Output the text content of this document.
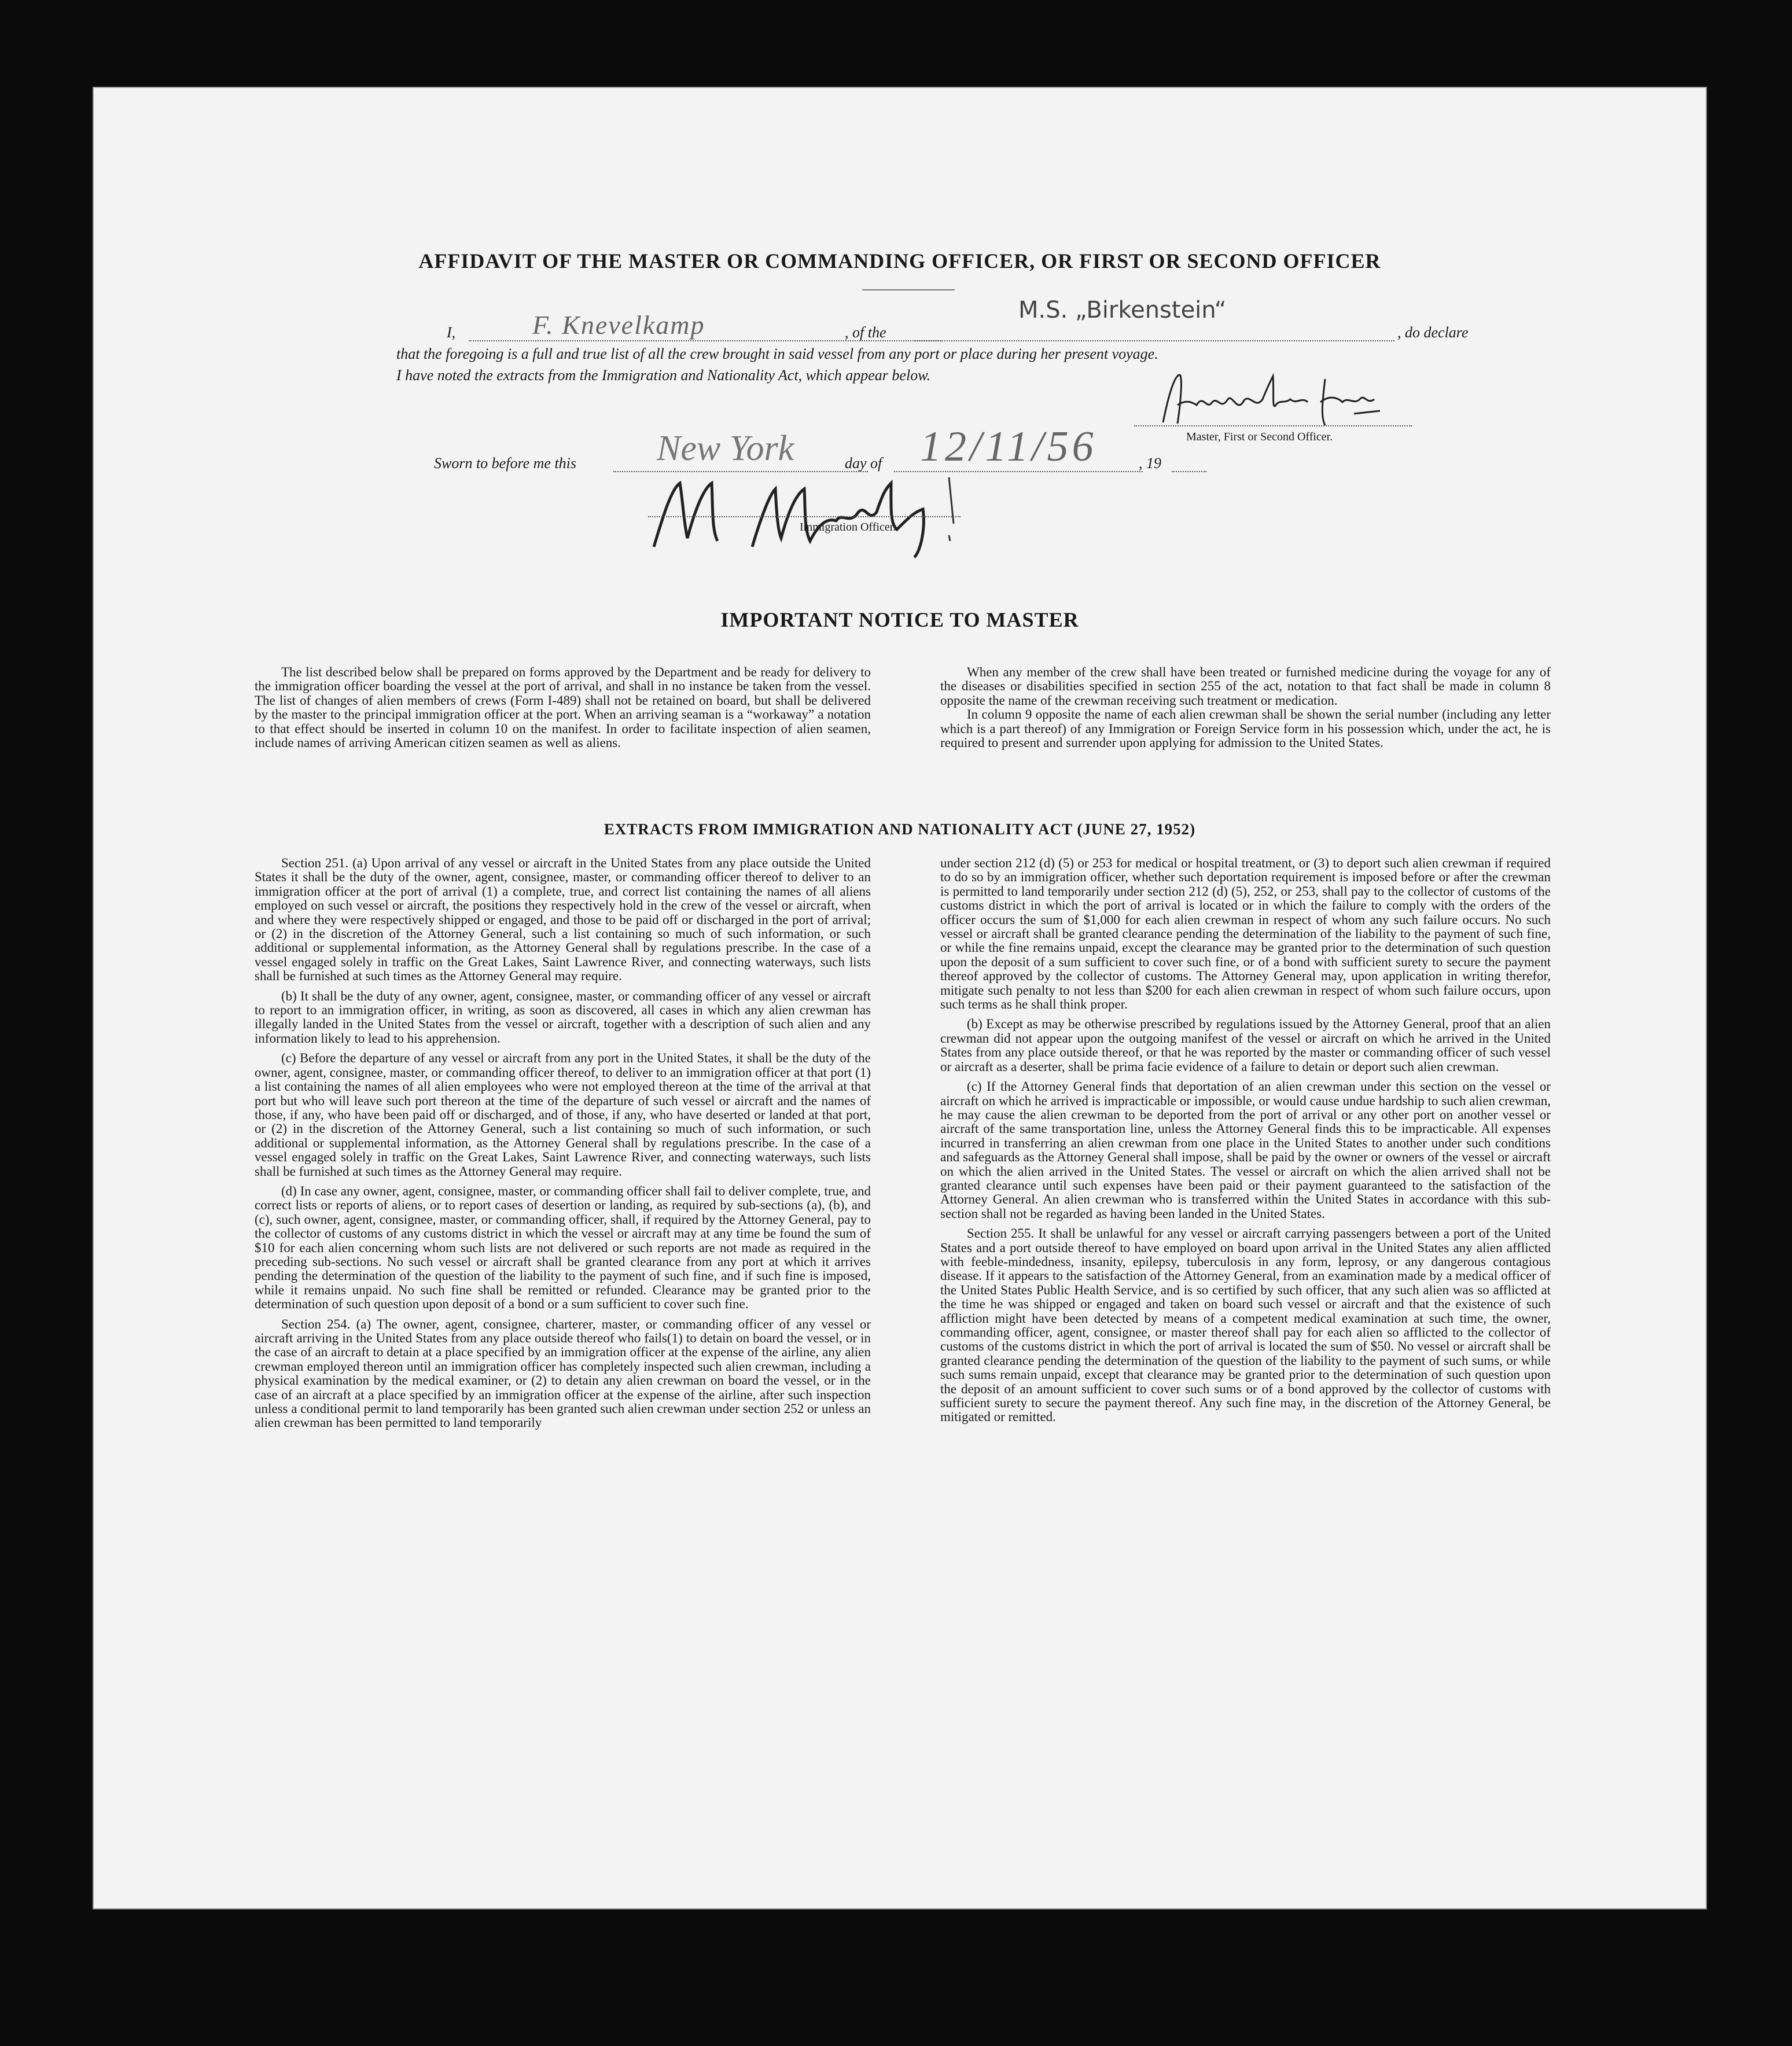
AFFIDAVIT OF THE MASTER OR COMMANDING OFFICER, OR FIRST OR SECOND OFFICER
I,	F. Knevelkamp	, of the
M.S. „Birkenstein“
, do declare
that the foregoing is a full and true list of all the crew brought in said vessel from any port or place during her present voyage.
I have noted the extracts from the Immigration and Nationality Act, which appear below.
Master, First or Second Officer.
Sworn to before me this New York	day of 12/11/56	, 19
Immigration Officer.
IMPORTANT NOTICE TO MASTER

The list described below shall be prepared on forms approved by the Department and be ready for delivery to the immigration officer boarding the vessel at the port of arrival, and shall in no instance be taken from the vessel. The list of changes of alien members of crews (Form I-489) shall not be retained on board, but shall be delivered by the master to the principal immigration officer at the port. When an arriving seaman is a “workaway” a notation to that effect should be inserted in column 10 on the manifest. In order to facilitate inspection of alien seamen, include names of arriving American citizen seamen as well as aliens.

When any member of the crew shall have been treated or furnished medicine during the voyage for any of the diseases or disabilities specified in section 255 of the act, notation to that fact shall be made in column 8 opposite the name of the crewman receiving such treatment or medication.

In column 9 opposite the name of each alien crewman shall be shown the serial number (including any letter which is a part thereof) of any Immigration or Foreign Service form in his possession which, under the act, he is required to present and surrender upon applying for admission to the United States.

EXTRACTS FROM IMMIGRATION AND NATIONALITY ACT (JUNE 27, 1952)

Section 251. (a) Upon arrival of any vessel or aircraft in the United States from any place outside the United States it shall be the duty of the owner, agent, consignee, master, or commanding officer thereof to deliver to an immigration officer at the port of arrival (1) a complete, true, and correct list containing the names of all aliens employed on such vessel or aircraft, the positions they respectively hold in the crew of the vessel or aircraft, when and where they were respectively shipped or engaged, and those to be paid off or discharged in the port of arrival; or (2) in the discretion of the Attorney General, such a list containing so much of such information, or such additional or supplemental information, as the Attorney General shall by regulations prescribe. In the case of a vessel engaged solely in traffic on the Great Lakes, Saint Lawrence River, and connecting waterways, such lists shall be furnished at such times as the Attorney General may require.

(b) It shall be the duty of any owner, agent, consignee, master, or commanding officer of any vessel or aircraft to report to an immigration officer, in writing, as soon as discovered, all cases in which any alien crewman has illegally landed in the United States from the vessel or aircraft, together with a description of such alien and any information likely to lead to his apprehension.

(c) Before the departure of any vessel or aircraft from any port in the United States, it shall be the duty of the owner, agent, consignee, master, or commanding officer thereof, to deliver to an immigration officer at that port (1) a list containing the names of all alien employees who were not employed thereon at the time of the arrival at that port but who will leave such port thereon at the time of the departure of such vessel or aircraft and the names of those, if any, who have been paid off or discharged, and of those, if any, who have deserted or landed at that port, or (2) in the discretion of the Attorney General, such a list containing so much of such information, or such additional or supplemental information, as the Attorney General shall by regulations prescribe. In the case of a vessel engaged solely in traffic on the Great Lakes, Saint Lawrence River, and connecting waterways, such lists shall be furnished at such times as the Attorney General may require.

(d) In case any owner, agent, consignee, master, or commanding officer shall fail to deliver complete, true, and correct lists or reports of aliens, or to report cases of desertion or landing, as required by sub-sections (a), (b), and (c), such owner, agent, consignee, master, or commanding officer, shall, if required by the Attorney General, pay to the collector of customs of any customs district in which the vessel or aircraft may at any time be found the sum of $10 for each alien concerning whom such lists are not delivered or such reports are not made as required in the preceding sub-sections. No such vessel or aircraft shall be granted clearance from any port at which it arrives pending the determination of the question of the liability to the payment of such fine, and if such fine is imposed, while it remains unpaid. No such fine shall be remitted or refunded. Clearance may be granted prior to the determination of such question upon deposit of a bond or a sum sufficient to cover such fine.

Section 254. (a) The owner, agent, consignee, charterer, master, or commanding officer of any vessel or aircraft arriving in the United States from any place outside thereof who fails(1) to detain on board the vessel, or in the case of an aircraft to detain at a place specified by an immigration officer at the expense of the airline, any alien crewman employed thereon until an immigration officer has completely inspected such alien crewman, including a physical examination by the medical examiner, or (2) to detain any alien crewman on board the vessel, or in the case of an aircraft at a place specified by an immigration officer at the expense of the airline, after such inspection unless a conditional permit to land temporarily has been granted such alien crewman under section 252 or unless an alien crewman has been permitted to land temporarily

under section 212 (d) (5) or 253 for medical or hospital treatment, or (3) to deport such alien crewman if required to do so by an immigration officer, whether such deportation requirement is imposed before or after the crewman is permitted to land temporarily under section 212 (d) (5), 252, or 253, shall pay to the collector of customs of the customs district in which the port of arrival is located or in which the failure to comply with the orders of the officer occurs the sum of $1,000 for each alien crewman in respect of whom any such failure occurs. No such vessel or aircraft shall be granted clearance pending the determination of the liability to the payment of such fine, or while the fine remains unpaid, except the clearance may be granted prior to the determination of such question upon the deposit of a sum sufficient to cover such fine, or of a bond with sufficient surety to secure the payment thereof approved by the collector of customs. The Attorney General may, upon application in writing therefor, mitigate such penalty to not less than $200 for each alien crewman in respect of whom such failure occurs, upon such terms as he shall think proper.

(b) Except as may be otherwise prescribed by regulations issued by the Attorney General, proof that an alien crewman did not appear upon the outgoing manifest of the vessel or aircraft on which he arrived in the United States from any place outside thereof, or that he was reported by the master or commanding officer of such vessel or aircraft as a deserter, shall be prima facie evidence of a failure to detain or deport such alien crewman.

(c) If the Attorney General finds that deportation of an alien crewman under this section on the vessel or aircraft on which he arrived is impracticable or impossible, or would cause undue hardship to such alien crewman, he may cause the alien crewman to be deported from the port of arrival or any other port on another vessel or aircraft of the same transportation line, unless the Attorney General finds this to be impracticable. All expenses incurred in transferring an alien crewman from one place in the United States to another under such conditions and safeguards as the Attorney General shall impose, shall be paid by the owner or owners of the vessel or aircraft on which the alien arrived in the United States. The vessel or aircraft on which the alien arrived shall not be granted clearance until such expenses have been paid or their payment guaranteed to the satisfaction of the Attorney General. An alien crewman who is transferred within the United States in accordance with this sub-section shall not be regarded as having been landed in the United States.

Section 255. It shall be unlawful for any vessel or aircraft carrying passengers between a port of the United States and a port outside thereof to have employed on board upon arrival in the United States any alien afflicted with feeble-mindedness, insanity, epilepsy, tuberculosis in any form, leprosy, or any dangerous contagious disease. If it appears to the satisfaction of the Attorney General, from an examination made by a medical officer of the United States Public Health Service, and is so certified by such officer, that any such alien was so afflicted at the time he was shipped or engaged and taken on board such vessel or aircraft and that the existence of such affliction might have been detected by means of a competent medical examination at such time, the owner, commanding officer, agent, consignee, or master thereof shall pay for each alien so afflicted to the collector of customs of the customs district in which the port of arrival is located the sum of $50. No vessel or aircraft shall be granted clearance pending the determination of the question of the liability to the payment of such sums, or while such sums remain unpaid, except that clearance may be granted prior to the determination of such question upon the deposit of an amount sufficient to cover such sums or of a bond approved by the collector of customs with sufficient surety to secure the payment thereof. Any such fine may, in the discretion of the Attorney General, be mitigated or remitted.
